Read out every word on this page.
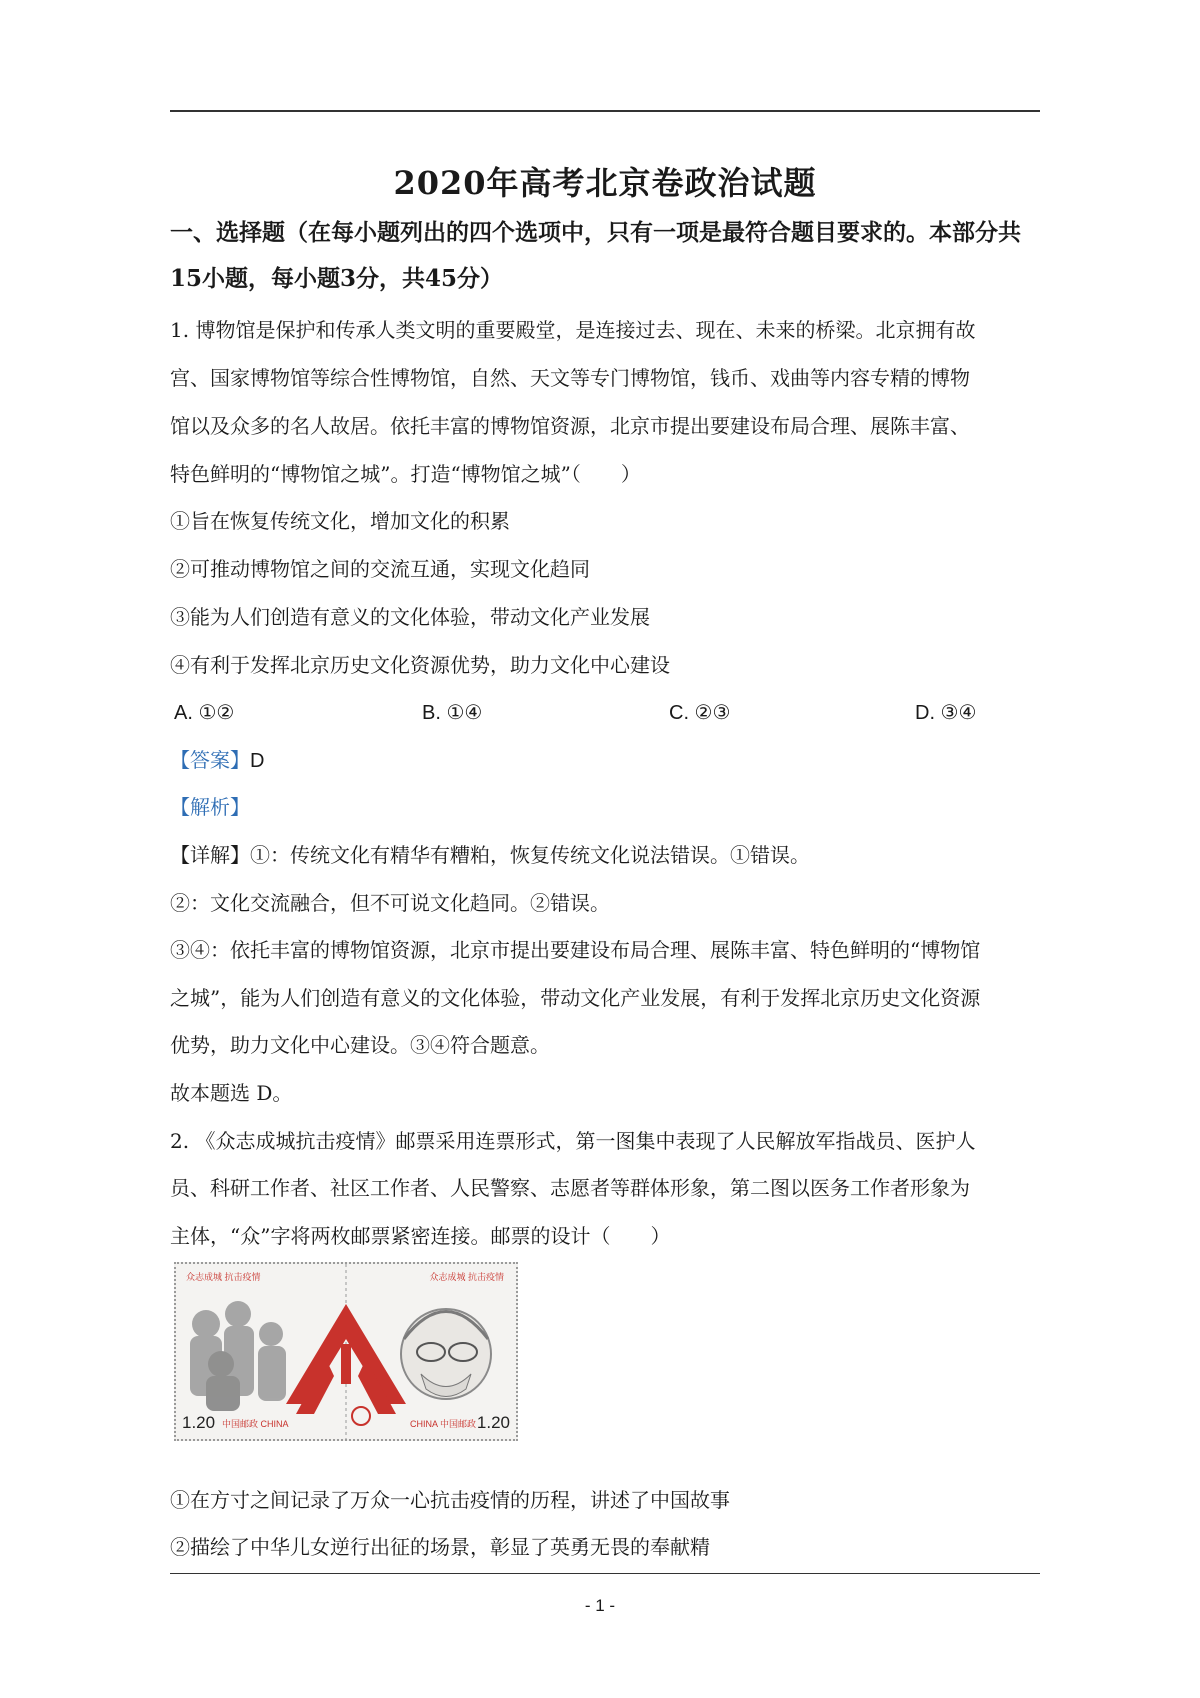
2020年高考北京卷政治试题
一、选择题（在每小题列出的四个选项中，只有一项是最符合题目要求的。本部分共15小题，每小题3分，共45分）
1. 博物馆是保护和传承人类文明的重要殿堂，是连接过去、现在、未来的桥梁。北京拥有故
宫、国家博物馆等综合性博物馆，自然、天文等专门博物馆，钱币、戏曲等内容专精的博物
馆以及众多的名人故居。依托丰富的博物馆资源，北京市提出要建设布局合理、展陈丰富、
特色鲜明的“博物馆之城”。打造“博物馆之城”（　　）
①旨在恢复传统文化，增加文化的积累
②可推动博物馆之间的交流互通，实现文化趋同
③能为人们创造有意义的文化体验，带动文化产业发展
④有利于发挥北京历史文化资源优势，助力文化中心建设
A. ①②	B. ①④	C. ②③	D. ③④
【答案】D
【解析】
【详解】①：传统文化有精华有糟粕，恢复传统文化说法错误。①错误。
②：文化交流融合，但不可说文化趋同。②错误。
③④：依托丰富的博物馆资源，北京市提出要建设布局合理、展陈丰富、特色鲜明的“博物馆
之城”，能为人们创造有意义的文化体验，带动文化产业发展，有利于发挥北京历史文化资源
优势，助力文化中心建设。③④符合题意。
故本题选 D。
2. 《众志成城抗击疫情》邮票采用连票形式，第一图集中表现了人民解放军指战员、医护人
员、科研工作者、社区工作者、人民警察、志愿者等群体形象，第二图以医务工作者形象为
主体，“众”字将两枚邮票紧密连接。邮票的设计（　　）
众志成城 抗击疫情	众志成城 抗击疫情
1.20 中国邮政 CHINA	CHINA 中国邮政 1.20
①在方寸之间记录了万众一心抗击疫情的历程，讲述了中国故事
②描绘了中华儿女逆行出征的场景，彰显了英勇无畏的奉献精
- 1 -
